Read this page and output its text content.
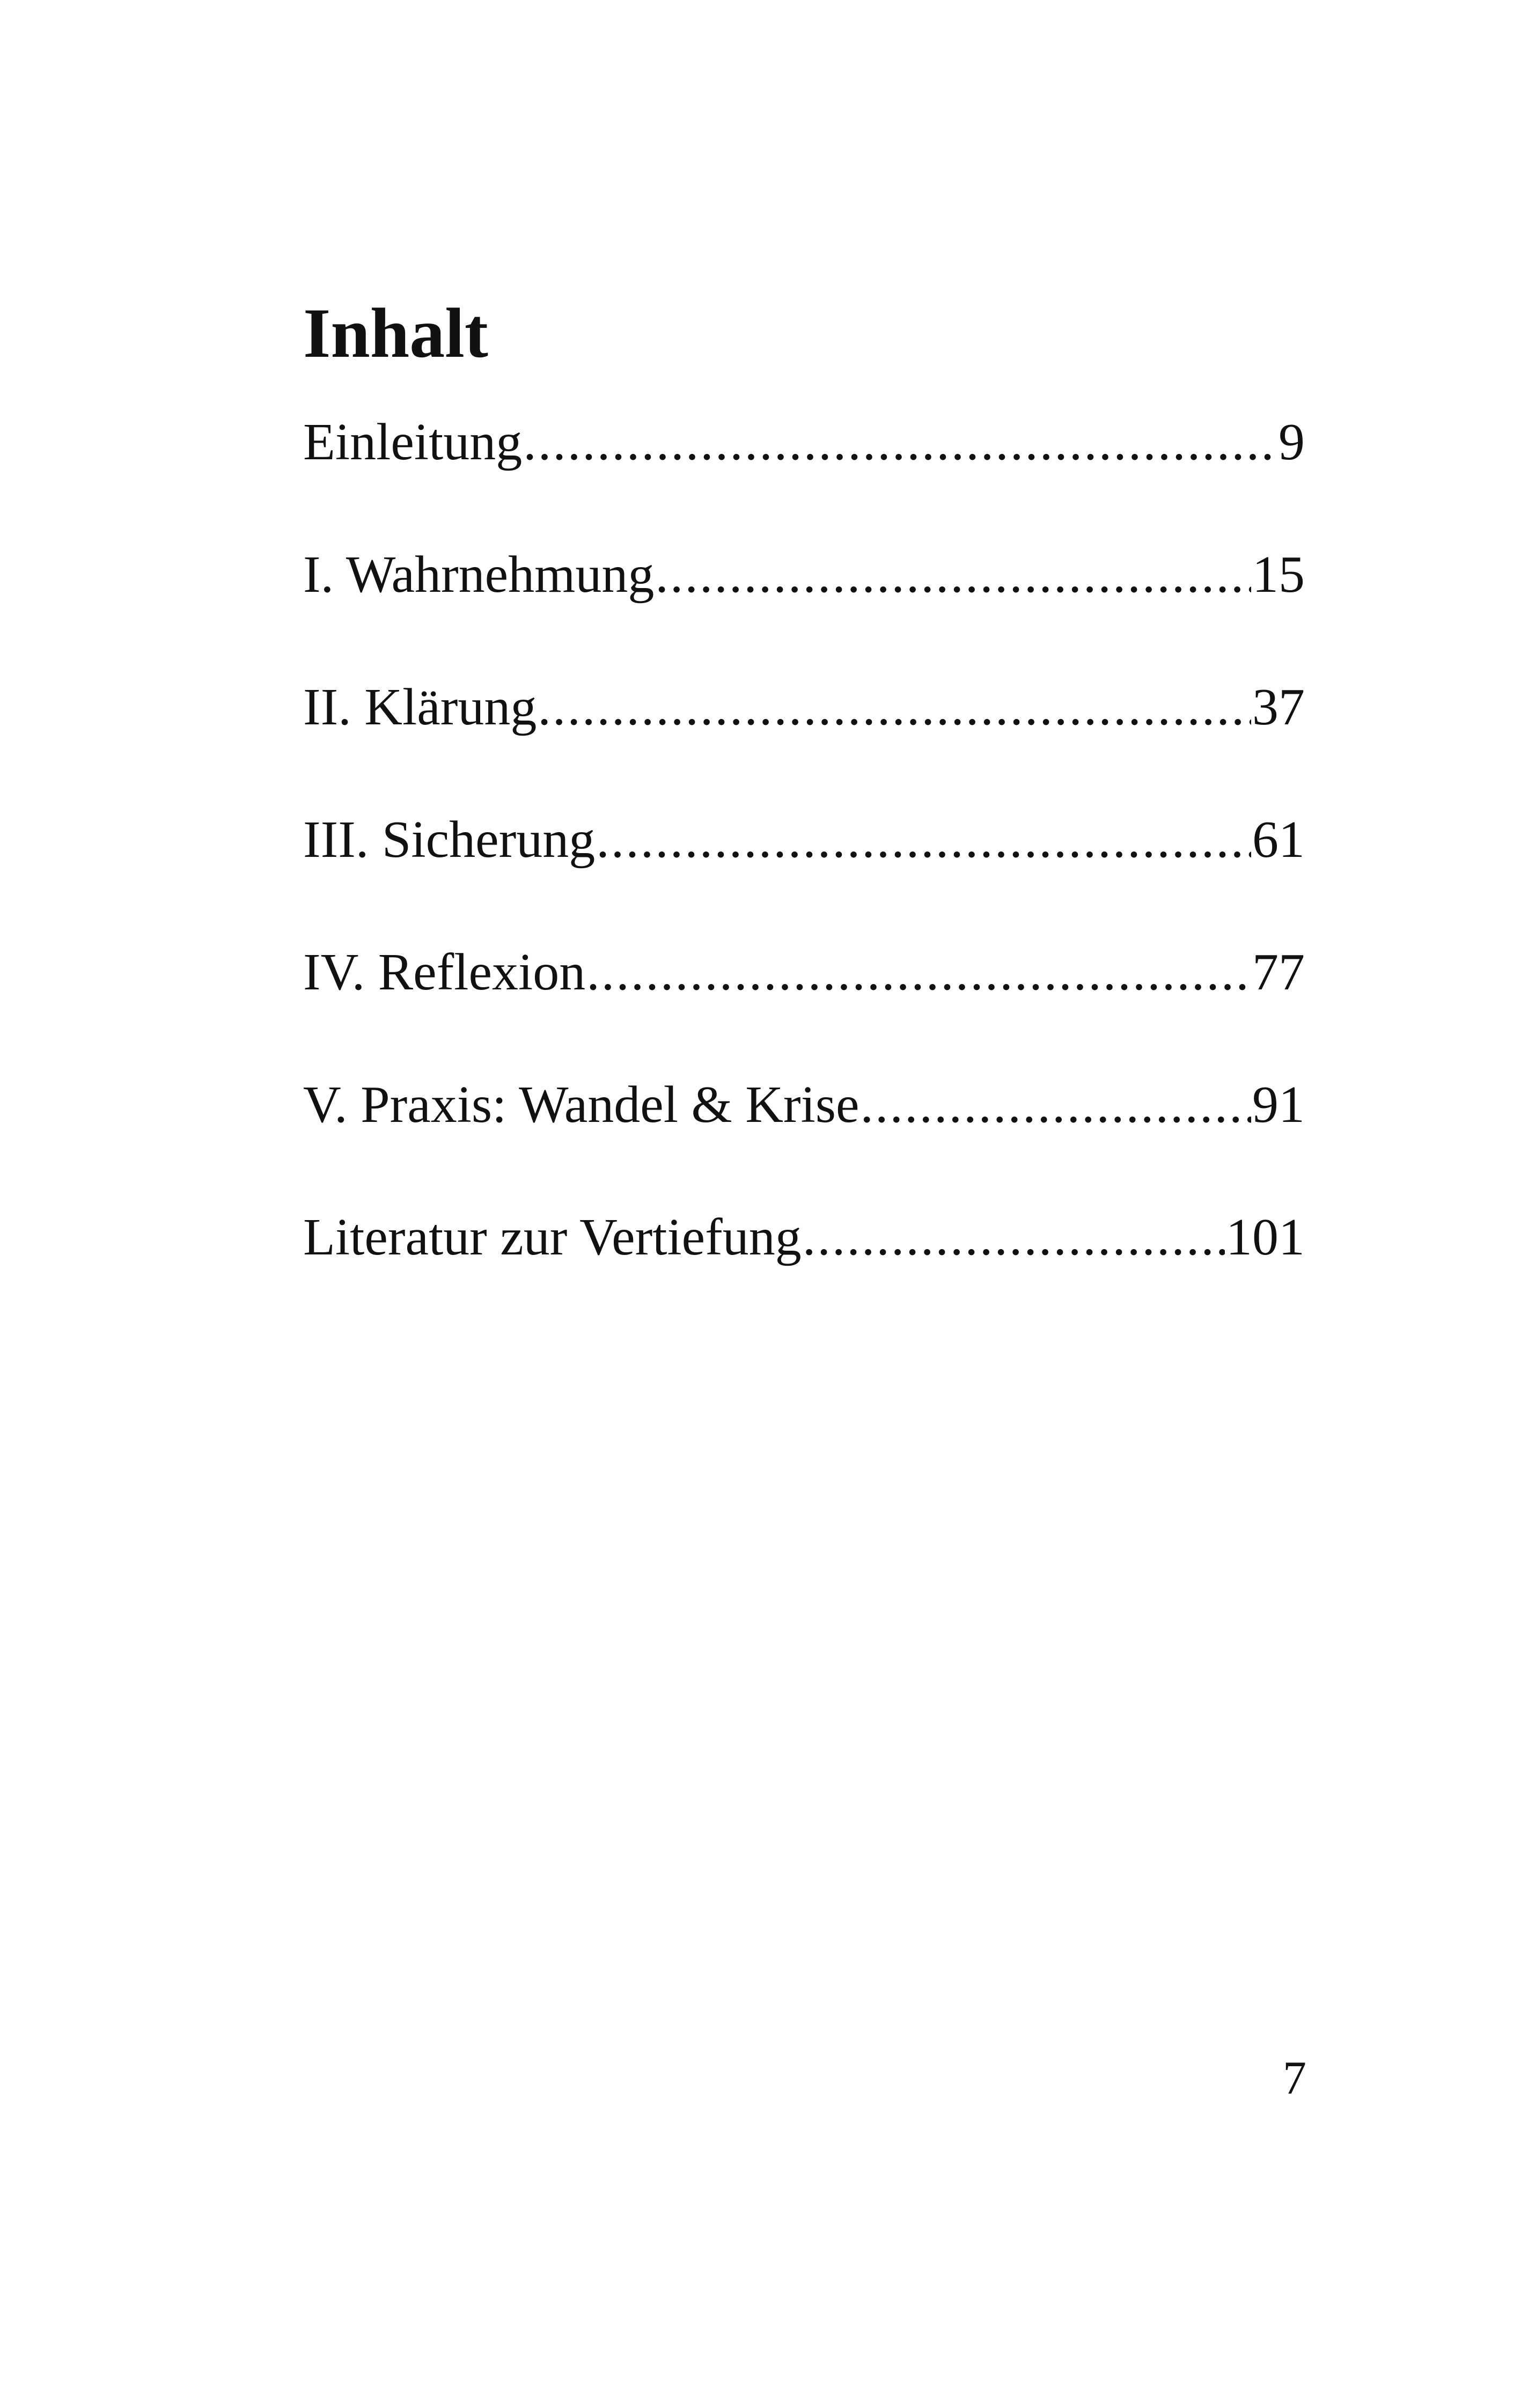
Inhalt
Einleitung .....	9
I. Wahrnehmung .....	15
II. Klärung .....	37
III. Sicherung .....	61
IV. Reflexion .....	77
V. Praxis: Wandel & Krise .....	91
Literatur zur Vertiefung .....	101

7
